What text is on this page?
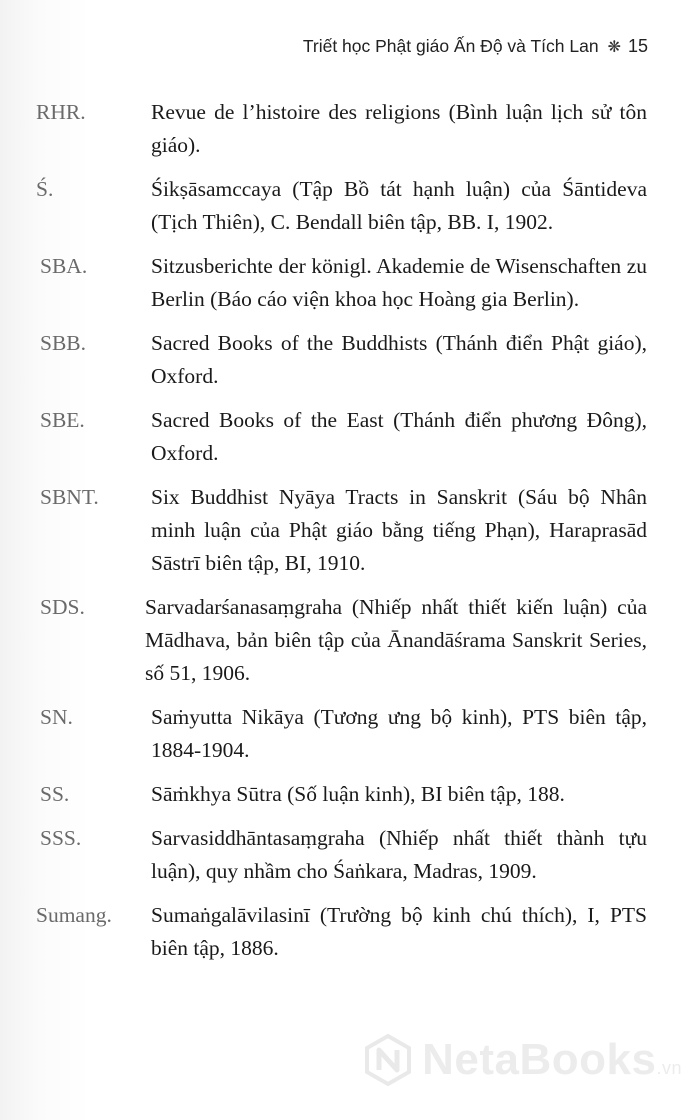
Triết học Phật giáo Ấn Độ và Tích Lan ❋ 15
RHR.	Revue de l’histoire des religions (Bình luận lịch sử tôn giáo).
Ś.	Śikṣāsamccaya (Tập Bồ tát hạnh luận) của Śāntideva (Tịch Thiên), C. Bendall biên tập, BB. I, 1902.
SBA.	Sitzusberichte der königl. Akademie de Wisenschaften zu Berlin (Báo cáo viện khoa học Hoàng gia Berlin).
SBB.	Sacred Books of the Buddhists (Thánh điển Phật giáo), Oxford.
SBE.	Sacred Books of the East (Thánh điển phương Đông), Oxford.
SBNT. Six Buddhist Nyāya Tracts in Sanskrit (Sáu bộ Nhân minh luận của Phật giáo bằng tiếng Phạn), Haraprasād Sāstrī biên tập, BI, 1910.
SDS.	Sarvadarśanasaṃgraha (Nhiếp nhất thiết kiến luận) của Mādhava, bản biên tập của Ānandāśrama Sanskrit Series, số 51, 1906.
SN.	Saṁyutta Nikāya (Tương ưng bộ kinh), PTS biên tập, 1884-1904.
SS.	Sāṁkhya Sūtra (Số luận kinh), BI biên tập, 188.
SSS.	Sarvasiddhāntasaṃgraha (Nhiếp nhất thiết thành tựu luận), quy nhầm cho Śaṅkara, Madras, 1909.
Sumang. Sumaṅgalāvilasinī (Trường bộ kinh chú thích), I, PTS biên tập, 1886.
NetaBooks.vn
